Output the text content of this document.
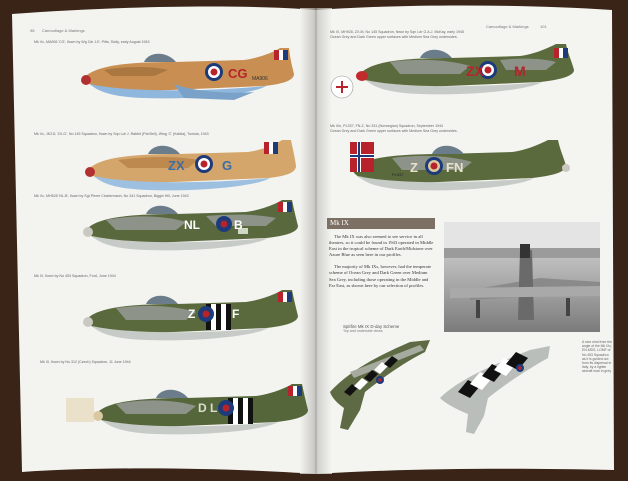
CG MA906
ZX	G
NL	B
Z	F
D L
ZX M
Z FN
PL337
98 Camouflage & Markings
Camouflage & Markings	101
Mk Vc, MA906 'CG', flown by Wg Cdr J.E. Pitts, Sicily, early August 1943
Mk Vc, JK211 'ZX-G', No 145 Squadron, flown by Sqn Ldr J. Rabbit (Pat Bell), Wing 'C' (Kabila), Tunisia, 1943
Mk Vc, MH528 'NL-B', flown by Sgt Pierre Clostermann, No 341 Squadron, Biggin Hill, June 1943
Mk IX, flown by No 453 Squadron, Ford, June 1944
Mk IX, flown by No 312 (Czech) Squadron, 11 June 1944
Mk IX, MH928, ZX-M, No 145 Squadron, flown by Sqn Ldr G.A.J. McKay, early 1945
Ocean Grey and Dark Green upper surfaces with Medium Sea Grey undersides.
Mk IXe, PL337, FN-Z, No 331 (Norwegian) Squadron, September 1944
Ocean Grey and Dark Green upper surfaces with Medium Sea Grey undersides.
Mk IX

The Mk IX was also seemed to see service in all theatres, so it could be found in 1943 operated in Middle East in the tropical scheme of Dark Earth/Midstone over Azure Blue as seen here in our profiles.

The majority of Mk IXs, however, had the temperate scheme of Ocean Grey and Dark Green over Medium Sea Grey, including those operating in the Middle and Far East, as shown here by our selection of profiles.

Spitfire Mk IX D-day Scheme
Top and underside views
A nice shot from the angle of the Mk IXc, EN-MDS, LOMF of No 453 Squadron as it is guided out from its dispersal in Italy, by a lighter aircraft man in grey
